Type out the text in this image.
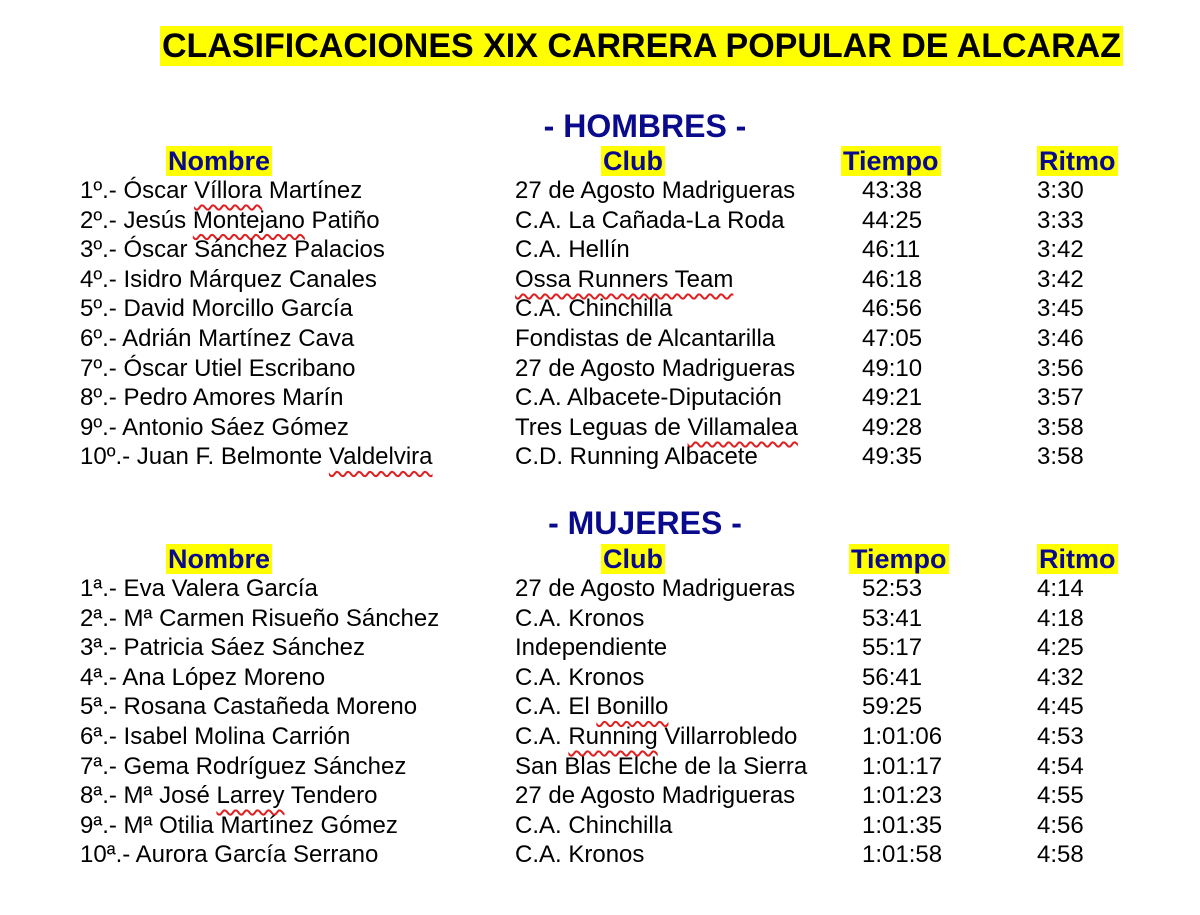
CLASIFICACIONES XIX CARRERA POPULAR DE ALCARAZ
- HOMBRES -
Nombre	Club	Tiempo	Ritmo
1º.- Óscar Víllora Martínez	27 de Agosto Madrigueras	43:38	3:30
2º.- Jesús Montejano Patiño	C.A. La Cañada-La Roda	44:25	3:33
3º.- Óscar Sánchez Palacios	C.A. Hellín	46:11	3:42
4º.- Isidro Márquez Canales	Ossa Runners Team	46:18	3:42
5º.- David Morcillo García	C.A. Chinchilla	46:56	3:45
6º.- Adrián Martínez Cava	Fondistas de Alcantarilla	47:05	3:46
7º.- Óscar Utiel Escribano	27 de Agosto Madrigueras	49:10	3:56
8º.- Pedro Amores Marín	C.A. Albacete-Diputación	49:21	3:57
9º.- Antonio Sáez Gómez	Tres Leguas de Villamalea	49:28	3:58
10º.- Juan F. Belmonte Valdelvira	C.D. Running Albacete	49:35	3:58
- MUJERES -
Nombre	Club	Tiempo	Ritmo
1ª.- Eva Valera García	27 de Agosto Madrigueras	52:53	4:14
2ª.- Mª Carmen Risueño Sánchez	C.A. Kronos	53:41	4:18
3ª.- Patricia Sáez Sánchez	Independiente	55:17	4:25
4ª.- Ana López Moreno	C.A. Kronos	56:41	4:32
5ª.- Rosana Castañeda Moreno	C.A. El Bonillo	59:25	4:45
6ª.- Isabel Molina Carrión	C.A. Running Villarrobledo	1:01:06	4:53
7ª.- Gema Rodríguez Sánchez	San Blas Elche de la Sierra 1:01:17	4:54
8ª.- Mª José Larrey Tendero	27 de Agosto Madrigueras	1:01:23	4:55
9ª.- Mª Otilia Martínez Gómez	C.A. Chinchilla	1:01:35	4:56
10ª.- Aurora García Serrano	C.A. Kronos	1:01:58	4:58
